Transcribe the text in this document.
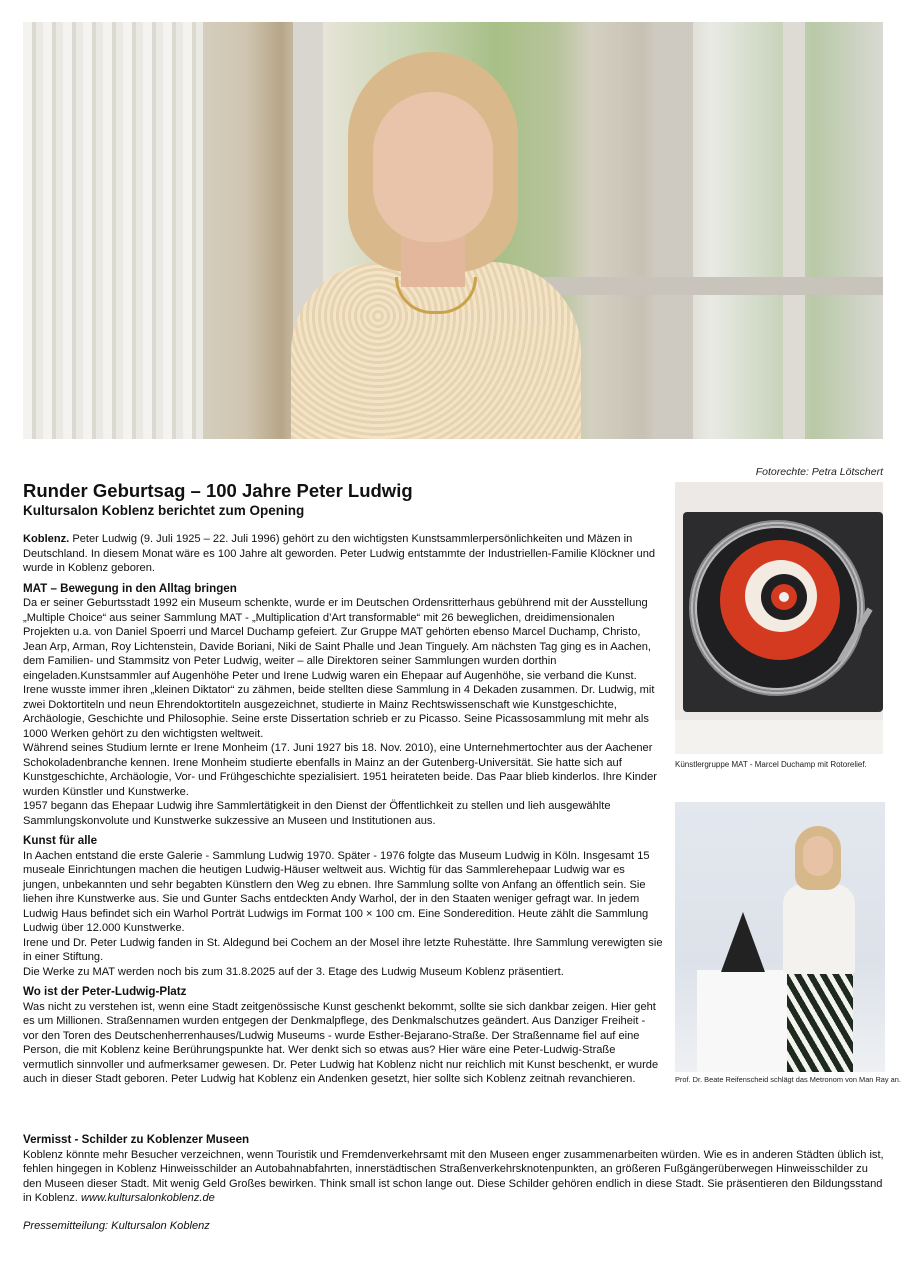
Fotorechte: Petra Lötschert
Runder Geburtsag – 100 Jahre Peter Ludwig
Kultursalon Koblenz berichtet zum Opening

Koblenz. Peter Ludwig (9. Juli 1925 – 22. Juli 1996) gehört zu den wichtigsten Kunstsammlerpersönlichkeiten und Mäzen in Deutschland. In diesem Monat wäre es 100 Jahre alt geworden. Peter Ludwig entstammte der Industriellen-Familie Klöckner und wurde in Koblenz geboren.

MAT – Bewegung in den Alltag bringen

Da er seiner Geburtsstadt 1992 ein Museum schenkte, wurde er im Deutschen Ordensritterhaus gebührend mit der Ausstellung „Multiple Choice“ aus seiner Sammlung MAT - „Multiplication d’Art transformable“ mit 26 beweglichen, dreidimensionalen Projekten u.a. von Daniel Spoerri und Marcel Duchamp gefeiert. Zur Gruppe MAT gehörten ebenso Marcel Duchamp, Christo, Jean Arp, Arman, Roy Lichtenstein, Davide Boriani, Niki de Saint Phalle und Jean Tinguely. Am nächsten Tag ging es in Aachen, dem Familien- und Stammsitz von Peter Ludwig, weiter – alle Direktoren seiner Sammlungen wurden dorthin eingeladen.Kunstsammler auf Augenhöhe Peter und Irene Ludwig waren ein Ehepaar auf Augenhöhe, sie verband die Kunst. Irene wusste immer ihren „kleinen Diktator“ zu zähmen, beide stellten diese Sammlung in 4 Dekaden zusammen. Dr. Ludwig, mit zwei Doktortiteln und neun Ehrendoktortiteln ausgezeichnet, studierte in Mainz Rechtswissenschaft wie Kunstgeschichte, Archäologie, Geschichte und Philosophie. Seine erste Dissertation schrieb er zu Picasso. Seine Picassosammlung mit mehr als 1000 Werken gehört zu den wichtigsten weltweit.

Während seines Studium lernte er Irene Monheim (17. Juni 1927 bis 18. Nov. 2010), eine Unternehmertochter aus der Aachener Schokoladenbranche kennen. Irene Monheim studierte ebenfalls in Mainz an der Gutenberg-Universität. Sie hatte sich auf Kunstgeschichte, Archäologie, Vor- und Frühgeschichte spezialisiert. 1951 heirateten beide. Das Paar blieb kinderlos. Ihre Kinder wurden Künstler und Kunstwerke.

1957 begann das Ehepaar Ludwig ihre Sammlertätigkeit in den Dienst der Öffentlichkeit zu stellen und lieh ausgewählte Sammlungskonvolute und Kunstwerke sukzessive an Museen und Institutionen aus.

Kunst für alle

In Aachen entstand die erste Galerie - Sammlung Ludwig 1970. Später - 1976 folgte das Museum Ludwig in Köln. Insgesamt 15 museale Einrichtungen machen die heutigen Ludwig-Häuser weltweit aus. Wichtig für das Sammlerehepaar Ludwig war es jungen, unbekannten und sehr begabten Künstlern den Weg zu ebnen. Ihre Sammlung sollte von Anfang an öffentlich sein. Sie liehen ihre Kunstwerke aus. Sie und Gunter Sachs entdeckten Andy Warhol, der in den Staaten weniger gefragt war. In jedem Ludwig Haus befindet sich ein Warhol Porträt Ludwigs im Format 100 × 100 cm. Eine Sonderedition. Heute zählt die Sammlung Ludwig über 12.000 Kunstwerke.

Irene und Dr. Peter Ludwig fanden in St. Aldegund bei Cochem an der Mosel ihre letzte Ruhestätte. Ihre Sammlung verewigten sie in einer Stiftung.

Die Werke zu MAT werden noch bis zum 31.8.2025 auf der 3. Etage des Ludwig Museum Koblenz präsentiert.

Wo ist der Peter-Ludwig-Platz

Was nicht zu verstehen ist, wenn eine Stadt zeitgenössische Kunst geschenkt bekommt, sollte sie sich dankbar zeigen. Hier geht es um Millionen. Straßennamen wurden entgegen der Denkmalpflege, des Denkmalschutzes geändert. Aus Danziger Freiheit - vor den Toren des Deutschenherrenhauses/Ludwig Museums - wurde Esther-Bejarano-Straße. Der Straßenname fiel auf eine Person, die mit Koblenz keine Berührungspunkte hat. Wer denkt sich so etwas aus? Hier wäre eine Peter-Ludwig-Straße vermutlich sinnvoller und aufmerksamer gewesen. Dr. Peter Ludwig hat Koblenz nicht nur reichlich mit Kunst beschenkt, er wurde auch in dieser Stadt geboren. Peter Ludwig hat Koblenz ein Andenken gesetzt, hier sollte sich Koblenz zeitnah revanchieren.

Vermisst - Schilder zu Koblenzer Museen

Koblenz könnte mehr Besucher verzeichnen, wenn Touristik und Fremdenverkehrsamt mit den Museen enger zusammenarbeiten würden. Wie es in anderen Städten üblich ist, fehlen hingegen in Koblenz Hinweisschilder an Autobahnabfahrten, innerstädtischen Straßenverkehrsknotenpunkten, an größeren Fußgängerüberwegen Hinweisschilder zu den Museen dieser Stadt. Mit wenig Geld Großes bewirken. Think small ist schon lange out. Diese Schilder gehören endlich in diese Stadt. Sie präsentieren den Bildungsstand in Koblenz. www.kultursalonkoblenz.de

Pressemitteilung: Kultursalon Koblenz
Künstlergruppe MAT - Marcel Duchamp mit Rotorelief.
Prof. Dr. Beate Reifenscheid schlägt das Metronom von Man Ray an.
